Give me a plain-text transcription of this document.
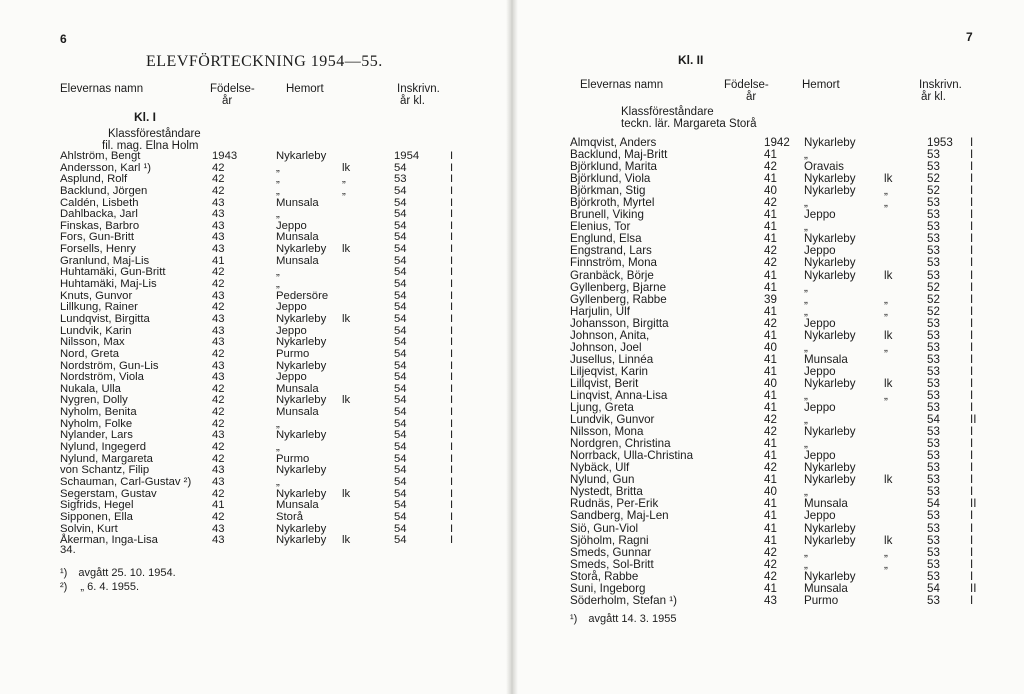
6
ELEVFÖRTECKNING 1954—55.
Elevernas namn	Födelse-
år
Hemort	Inskrivn.
år kl.
Kl. I
Klassföreståndare
fil. mag. Elna Holm
Ahlström, Bengt	1943	Nykarleby	1954	I
Andersson, Karl ¹)	42	„	lk	54	I
Asplund, Rolf	42	„	„	53	I
Backlund, Jörgen	42	„	„	54	I
Caldén, Lisbeth	43	Munsala	54	I
Dahlbacka, Jarl	43	„	54	I
Finskas, Barbro	43	Jeppo	54	I
Fors, Gun-Britt	43	Munsala	54	I
Forsells, Henry	43	Nykarleby lk	54	I
Granlund, Maj-Lis	41	Munsala	54	I
Huhtamäki, Gun-Britt	42	„	54	I
Huhtamäki, Maj-Lis	42	„	54	I
Knuts, Gunvor	43	Pedersöre	54	I
Lillkung, Rainer	42	Jeppo	54	I
Lundqvist, Birgitta	43	Nykarleby lk	54	I
Lundvik, Karin	43	Jeppo	54	I
Nilsson, Max	43	Nykarleby	54	I
Nord, Greta	42	Purmo	54	I
Nordström, Gun-Lis	43	Nykarleby	54	I
Nordström, Viola	43	Jeppo	54	I
Nukala, Ulla	42	Munsala	54	I
Nygren, Dolly	42	Nykarleby lk	54	I
Nyholm, Benita	42	Munsala	54	I
Nyholm, Folke	42	„	54	I
Nylander, Lars	43	Nykarleby	54	I
Nylund, Ingegerd	42	„	54	I
Nylund, Margareta	42	Purmo	54	I
von Schantz, Filip	43	Nykarleby	54	I
Schauman, Carl-Gustav ²) 43	„	54	I
Segerstam, Gustav	42	Nykarleby lk	54	I
Sigfrids, Hegel	41	Munsala	54	I
Sipponen, Ella	42	Storå	54	I
Solvin, Kurt	43	Nykarleby	54	I
Åkerman, Inga-Lisa	43	Nykarleby lk	54	I
34.
¹) avgått 25. 10. 1954.
²) „ 6. 4. 1955.
7
Kl. II
Elevernas namn	Födelse-
år
Hemort	Inskrivn.
år kl.
Klassföreståndare
teckn. lär. Margareta Storå
Almqvist, Anders	1942 Nykarleby	1953 I
Backlund, Maj-Britt	41 „	53	I
Björklund, Marita	42 Oravais	53	I
Björklund, Viola	41 Nykarleby lk	52	I
Björkman, Stig	40 Nykarleby „	52	I
Björkroth, Myrtel	42 „	„	53	I
Brunell, Viking	41 Jeppo	53	I
Elenius, Tor	41 „	53	I
Englund, Elsa	41 Nykarleby	53	I
Engstrand, Lars	42 Jeppo	53	I
Finnström, Mona	42 Nykarleby	53	I
Granbäck, Börje	41 Nykarleby lk	53	I
Gyllenberg, Bjarne	41 „	52	I
Gyllenberg, Rabbe	39 „	„	52	I
Harjulin, Ulf	41 „	„	52	I
Johansson, Birgitta	42 Jeppo	53	I
Johnson, Anita,	41 Nykarleby lk	53	I
Johnson, Joel	40 „	„	53	I
Jusellus, Linnéa	41 Munsala	53	I
Liljeqvist, Karin	41 Jeppo	53	I
Lillqvist, Berit	40 Nykarleby lk	53	I
Linqvist, Anna-Lisa	41 „	„	53	I
Ljung, Greta	41 Jeppo	53	I
Lundvik, Gunvor	42 „	54	II
Nilsson, Mona	42 Nykarleby	53	I
Nordgren, Christina	41 „	53	I
Norrback, Ulla-Christina	41 Jeppo	53	I
Nybäck, Ulf	42 Nykarleby	53	I
Nylund, Gun	41 Nykarleby lk	53	I
Nystedt, Britta	40 „	53	I
Rudnäs, Per-Erik	41 Munsala	54	II
Sandberg, Maj-Len	41 Jeppo	53	I
Siö, Gun-Viol	41 Nykarleby	53	I
Sjöholm, Ragni	41 Nykarleby lk	53	I
Smeds, Gunnar	42 „	„	53	I
Smeds, Sol-Britt	42 „	„	53	I
Storå, Rabbe	42 Nykarleby	53	I
Suni, Ingeborg	41 Munsala	54	II
Söderholm, Stefan ¹)	43 Purmo	53	I
¹) avgått 14. 3. 1955
